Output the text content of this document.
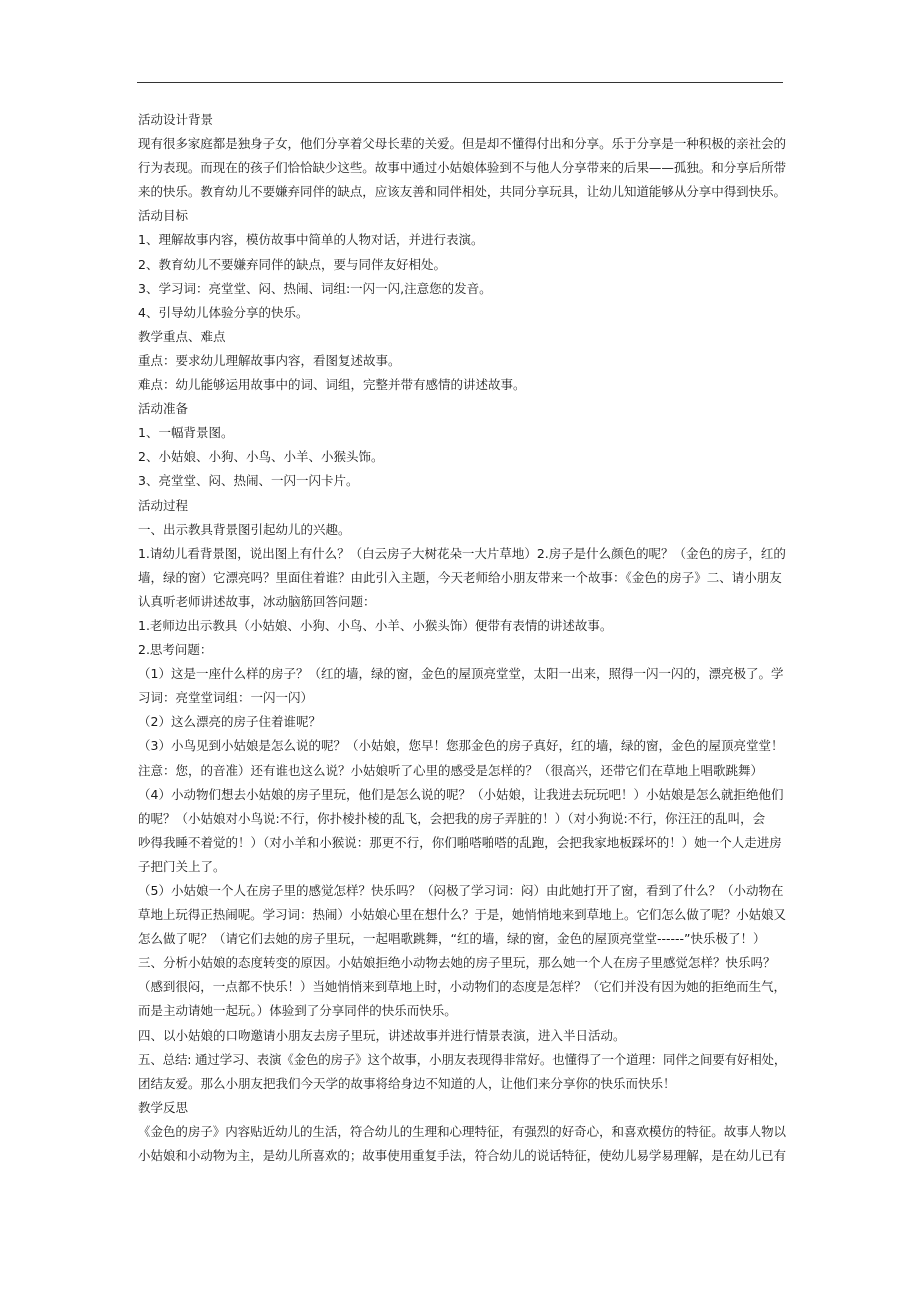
活动设计背景
现有很多家庭都是独身子女，他们分享着父母长辈的关爱。但是却不懂得付出和分享。乐于分享是一种积极的亲社会的
行为表现。而现在的孩子们恰恰缺少这些。故事中通过小姑娘体验到不与他人分享带来的后果——孤独。和分享后所带
来的快乐。教育幼儿不要嫌弃同伴的缺点，应该友善和同伴相处，共同分享玩具，让幼儿知道能够从分享中得到快乐。
活动目标
1、理解故事内容，模仿故事中简单的人物对话，并进行表演。
2、教育幼儿不要嫌弃同伴的缺点，要与同伴友好相处。
3、学习词：亮堂堂、闷、热闹、词组:一闪一闪,注意您的发音。
4、引导幼儿体验分享的快乐。
教学重点、难点
重点：要求幼儿理解故事内容，看图复述故事。
难点：幼儿能够运用故事中的词、词组，完整并带有感情的讲述故事。
活动准备
1、一幅背景图。
2、小姑娘、小狗、小鸟、小羊、小猴头饰。
3、亮堂堂、闷、热闹、一闪一闪卡片。
活动过程
一、出示教具背景图引起幼儿的兴趣。
1.请幼儿看背景图，说出图上有什么？（白云房子大树花朵一大片草地）2.房子是什么颜色的呢？（金色的房子，红的
墙，绿的窗）它漂亮吗？里面住着谁？由此引入主题，今天老师给小朋友带来一个故事：《金色的房子》二、请小朋友
认真听老师讲述故事，冰动脑筋回答问题：
1.老师边出示教具（小姑娘、小狗、小鸟、小羊、小猴头饰）便带有表情的讲述故事。
2.思考问题：
（1）这是一座什么样的房子？（红的墙，绿的窗，金色的屋顶亮堂堂，太阳一出来，照得一闪一闪的，漂亮极了。学
习词：亮堂堂词组：一闪一闪）
（2）这么漂亮的房子住着谁呢？
（3）小鸟见到小姑娘是怎么说的呢？（小姑娘，您早！您那金色的房子真好，红的墙，绿的窗，金色的屋顶亮堂堂！
注意：您，的音准）还有谁也这么说？小姑娘听了心里的感受是怎样的？（很高兴，还带它们在草地上唱歌跳舞）
（4）小动物们想去小姑娘的房子里玩，他们是怎么说的呢？（小姑娘，让我进去玩玩吧！）小姑娘是怎么就拒绝他们
的呢？（小姑娘对小鸟说:不行，你扑棱扑棱的乱飞，会把我的房子弄脏的！）（对小狗说:不行，你汪汪的乱叫，会
吵得我睡不着觉的！）（对小羊和小猴说：那更不行，你们啪嗒啪嗒的乱跑，会把我家地板踩坏的！）她一个人走进房
子把门关上了。
（5）小姑娘一个人在房子里的感觉怎样？快乐吗？（闷极了学习词：闷）由此她打开了窗，看到了什么？（小动物在
草地上玩得正热闹呢。学习词：热闹）小姑娘心里在想什么？于是，她悄悄地来到草地上。它们怎么做了呢？小姑娘又
怎么做了呢？（请它们去她的房子里玩，一起唱歌跳舞，“红的墙，绿的窗，金色的屋顶亮堂堂------”快乐极了！）
三、分析小姑娘的态度转变的原因。小姑娘拒绝小动物去她的房子里玩，那么她一个人在房子里感觉怎样？快乐吗？
（感到很闷，一点都不快乐！）当她悄悄来到草地上时，小动物们的态度是怎样？（它们并没有因为她的拒绝而生气，
而是主动请她一起玩。）体验到了分享同伴的快乐而快乐。
四、以小姑娘的口吻邀请小朋友去房子里玩，讲述故事并进行情景表演，进入半日活动。
五、总结: 通过学习、表演《金色的房子》这个故事，小朋友表现得非常好。也懂得了一个道理：同伴之间要有好相处，
团结友爱。那么小朋友把我们今天学的故事将给身边不知道的人，让他们来分享你的快乐而快乐！
教学反思
《金色的房子》内容贴近幼儿的生活，符合幼儿的生理和心理特征，有强烈的好奇心，和喜欢模仿的特征。故事人物以
小姑娘和小动物为主，是幼儿所喜欢的；故事使用重复手法，符合幼儿的说话特征，使幼儿易学易理解，是在幼儿已有
